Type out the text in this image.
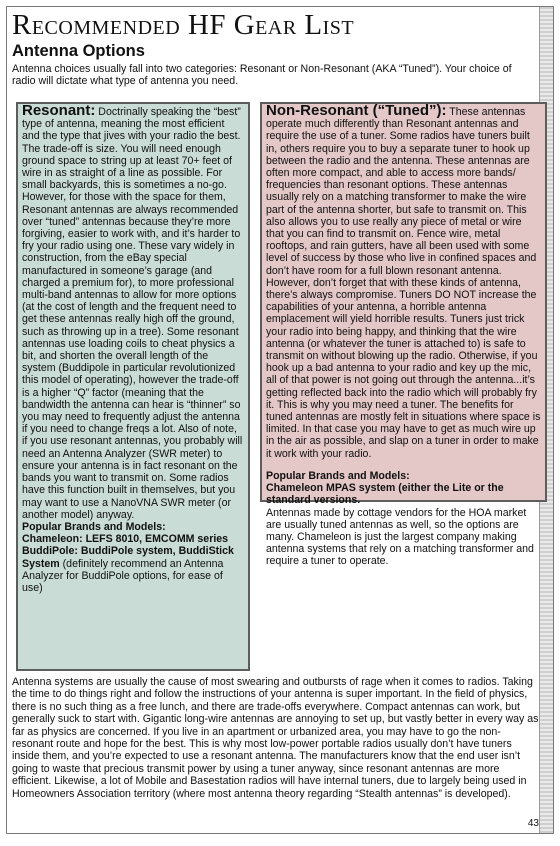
Recommended HF Gear List
Antenna Options
Antenna choices usually fall into two categories: Resonant or Non-Resonant (AKA “Tuned”). Your choice of radio will dictate what type of antenna you need.

Resonant: Doctrinally speaking the “best” type of antenna, meaning the most efficient and the type that jives with your radio the best. The trade-off is size. You will need enough ground space to string up at least 70+ feet of wire in as straight of a line as possible. For small backyards, this is sometimes a no-go. However, for those with the space for them, Resonant antennas are always recommended over “tuned” antennas because they’re more forgiving, easier to work with, and it’s harder to fry your radio using one. These vary widely in construction, from the eBay special manufactured in someone’s garage (and charged a premium for), to more professional multi-band antennas to allow for more options (at the cost of length and the frequent need to get these antennas really high off the ground, such as throwing up in a tree). Some resonant antennas use loading coils to cheat physics a bit, and shorten the overall length of the system (Buddipole in particular revolutionized this model of operating), however the trade-off is a higher “Q” factor (meaning that the bandwidth the antenna can hear is “thinner” so you may need to frequently adjust the antenna if you need to change freqs a lot. Also of note, if you use resonant antennas, you probably will need an Antenna Analyzer (SWR meter) to ensure your antenna is in fact resonant on the bands you want to transmit on. Some radios have this function built in themselves, but you may want to use a NanoVNA SWR meter (or another model) anyway.

Popular Brands and Models:

Chameleon: LEFS 8010, EMCOMM series

BuddiPole: BuddiPole system, BuddiStick System (definitely recommend an Antenna Analyzer for BuddiPole options, for ease of use)

Non-Resonant (“Tuned”): These antennas operate much differently than Resonant antennas and require the use of a tuner. Some radios have tuners built in, others require you to buy a separate tuner to hook up between the radio and the antenna. These antennas are often more compact, and able to access more bands/ frequencies than resonant options. These antennas usually rely on a matching transformer to make the wire part of the antenna shorter, but safe to transmit on. This also allows you to use really any piece of metal or wire that you can find to transmit on. Fence wire, metal rooftops, and rain gutters, have all been used with some level of success by those who live in confined spaces and don’t have room for a full blown resonant antenna. However, don’t forget that with these kinds of antenna, there’s always compromise. Tuners DO NOT increase the capabilities of your antenna, a horrible antenna emplacement will yield horrible results. Tuners just trick your radio into being happy, and thinking that the wire antenna (or whatever the tuner is attached to) is safe to transmit on without blowing up the radio. Otherwise, if you hook up a bad antenna to your radio and key up the mic, all of that power is not going out through the antenna...it’s getting reflected back into the radio which will probably fry it. This is why you may need a tuner. The benefits for tuned antennas are mostly felt in situations where space is limited. In that case you may have to get as much wire up in the air as possible, and slap on a tuner in order to make it work with your radio.

Popular Brands and Models:

Chameleon MPAS system (either the Lite or the standard versions.

Antennas made by cottage vendors for the HOA market are usually tuned antennas as well, so the options are many. Chameleon is just the largest company making antenna systems that rely on a matching transformer and require a tuner to operate.

Antenna systems are usually the cause of most swearing and outbursts of rage when it comes to radios. Taking the time to do things right and follow the instructions of your antenna is super important. In the field of physics, there is no such thing as a free lunch, and there are trade-offs everywhere. Compact antennas can work, but generally suck to start with. Gigantic long-wire antennas are annoying to set up, but vastly better in every way as far as physics are concerned. If you live in an apartment or urbanized area, you may have to go the non-resonant route and hope for the best. This is why most low-power portable radios usually don’t have tuners inside them, and you’re expected to use a resonant antenna. The manufacturers know that the end user isn’t going to waste that precious transmit power by using a tuner anyway, since resonant antennas are more efficient. Likewise, a lot of Mobile and Basestation radios will have internal tuners, due to largely being used in Homeowners Association territory (where most antenna theory regarding “Stealth antennas” is developed).
43
